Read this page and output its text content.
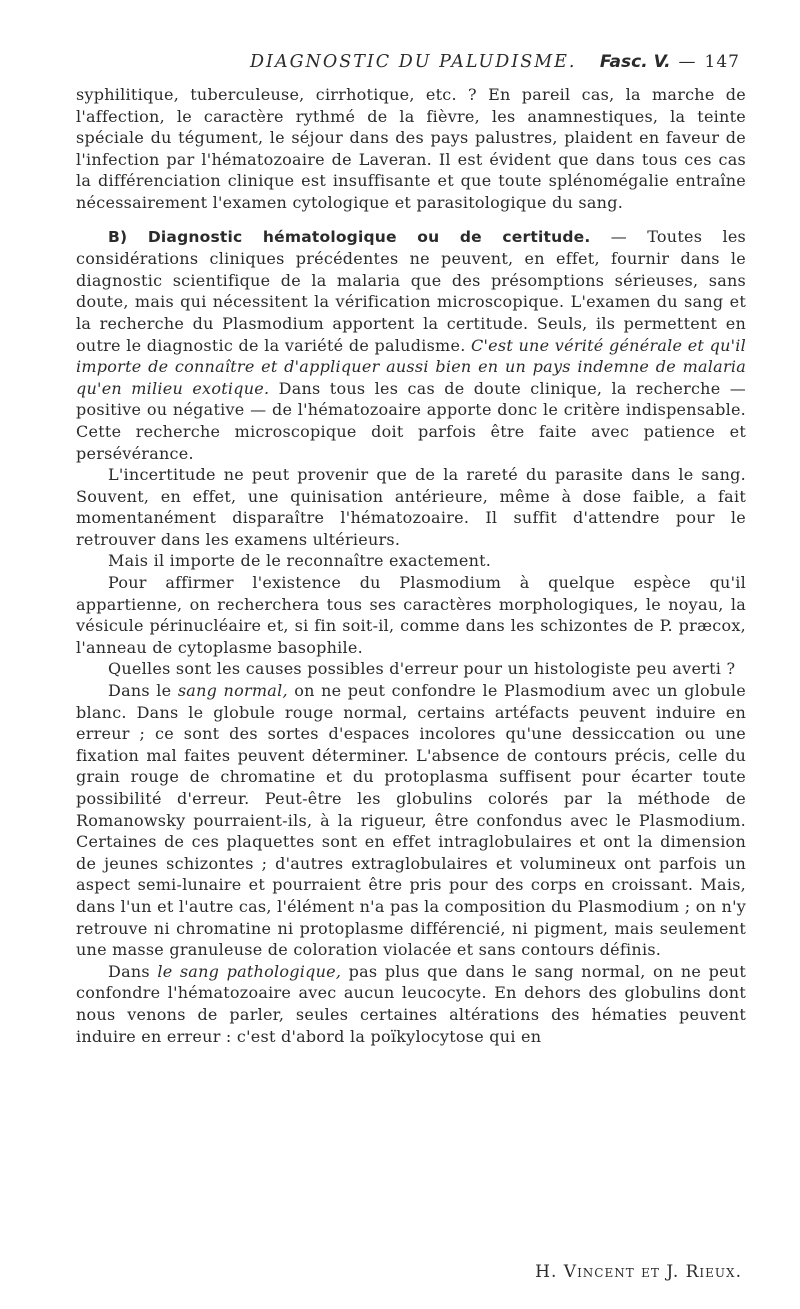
DIAGNOSTIC DU PALUDISME.	Fasc. V. — 147

syphilitique, tuberculeuse, cirrhotique, etc. ? En pareil cas, la marche de l'affection, le caractère rythmé de la fièvre, les anamnestiques, la teinte spéciale du tégument, le séjour dans des pays palustres, plaident en faveur de l'infection par l'hématozoaire de Laveran. Il est évident que dans tous ces cas la différenciation clinique est insuffisante et que toute splénomégalie entraîne nécessairement l'examen cytologique et parasitologique du sang.

B) Diagnostic hématologique ou de certitude. — Toutes les considérations cliniques précédentes ne peuvent, en effet, fournir dans le diagnostic scientifique de la malaria que des présomptions sérieuses, sans doute, mais qui nécessitent la vérification microscopique. L'examen du sang et la recherche du Plasmodium apportent la certitude. Seuls, ils permettent en outre le diagnostic de la variété de paludisme. C'est une vérité générale et qu'il importe de connaître et d'appliquer aussi bien en un pays indemne de malaria qu'en milieu exotique. Dans tous les cas de doute clinique, la recherche — positive ou négative — de l'hématozoaire apporte donc le critère indispensable. Cette recherche microscopique doit parfois être faite avec patience et persévérance.

L'incertitude ne peut provenir que de la rareté du parasite dans le sang. Souvent, en effet, une quinisation antérieure, même à dose faible, a fait momentanément disparaître l'hématozoaire. Il suffit d'attendre pour le retrouver dans les examens ultérieurs.

Mais il importe de le reconnaître exactement.

Pour affirmer l'existence du Plasmodium à quelque espèce qu'il appartienne, on recherchera tous ses caractères morphologiques, le noyau, la vésicule périnucléaire et, si fin soit-il, comme dans les schizontes de P. præcox, l'anneau de cytoplasme basophile.

Quelles sont les causes possibles d'erreur pour un histologiste peu averti ?

Dans le sang normal, on ne peut confondre le Plasmodium avec un globule blanc. Dans le globule rouge normal, certains artéfacts peuvent induire en erreur ; ce sont des sortes d'espaces incolores qu'une dessiccation ou une fixation mal faites peuvent déterminer. L'absence de contours précis, celle du grain rouge de chromatine et du protoplasma suffisent pour écarter toute possibilité d'erreur. Peut-être les globulins colorés par la méthode de Romanowsky pourraient-ils, à la rigueur, être confondus avec le Plasmodium. Certaines de ces plaquettes sont en effet intraglobulaires et ont la dimension de jeunes schizontes ; d'autres extraglobulaires et volumineux ont parfois un aspect semi-lunaire et pourraient être pris pour des corps en croissant. Mais, dans l'un et l'autre cas, l'élément n'a pas la composition du Plasmodium ; on n'y retrouve ni chromatine ni protoplasme différencié, ni pigment, mais seulement une masse granuleuse de coloration violacée et sans contours définis.

Dans le sang pathologique, pas plus que dans le sang normal, on ne peut confondre l'hématozoaire avec aucun leucocyte. En dehors des globulins dont nous venons de parler, seules certaines altérations des hématies peuvent induire en erreur : c'est d'abord la poïkylocytose qui en

H. Vincent et J. Rieux.
